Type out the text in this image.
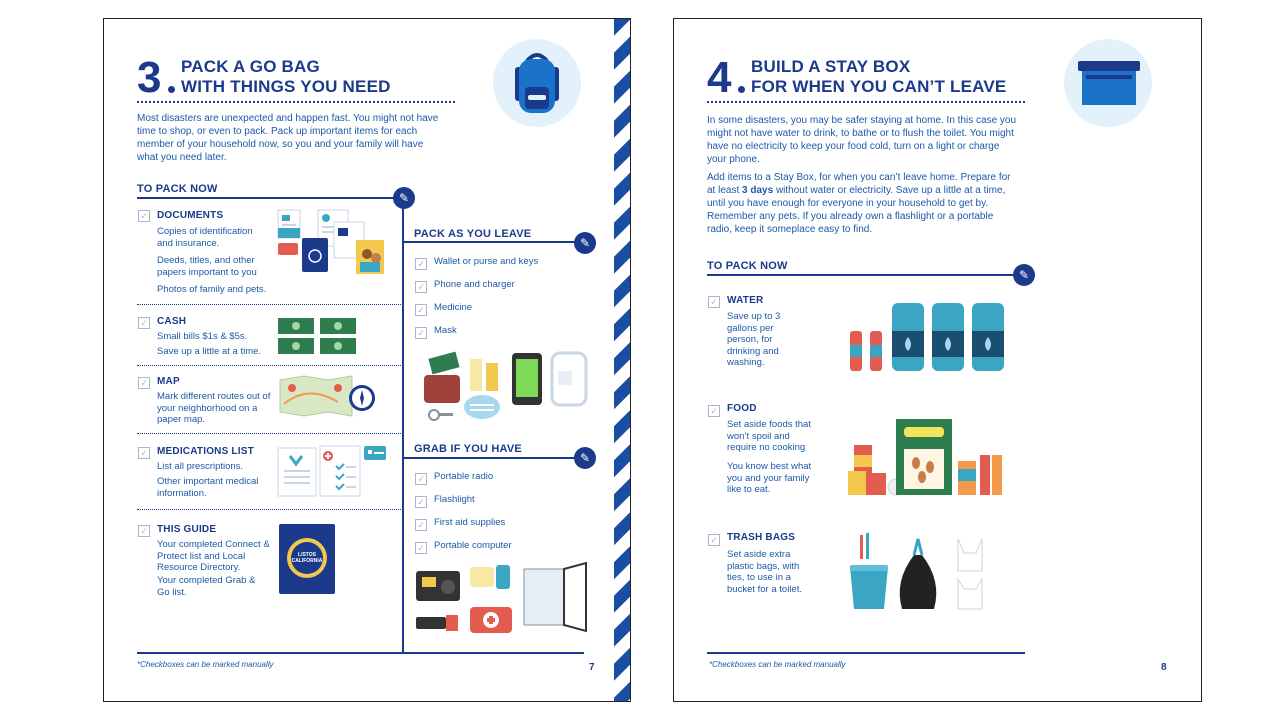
3 PACK A GO BAG
WITH THINGS YOU NEED
Most disasters are unexpected and happen fast. You might not have time to shop, or even to pack. Pack up important items for each member of your household now, so you and your family will have what you need later.
TO PACK NOW
✎
✓ DOCUMENTS
Copies of identification and insurance.
Deeds, titles, and other papers important to you
Photos of family and pets.
✓ CASH
Small bills $1s & $5s.
Save up a little at a time.
✓ MAP
Mark different routes out of your neighborhood on a paper map.
✓ MEDICATIONS LIST
List all prescriptions.
Other important medical information.
✓ THIS GUIDE
Your completed Connect & Protect list and Local Resource Directory.
Your completed Grab & Go list.
LISTOS CALIFORNIA
PACK AS YOU LEAVE
✎
✓ Wallet or purse and keys
✓ Phone and charger
✓ Medicine
✓ Mask
GRAB IF YOU HAVE
✎
✓ Portable radio
✓ Flashlight
✓ First aid supplies
✓ Portable computer
*Checkboxes can be marked manually	7
4 BUILD A STAY BOX
FOR WHEN YOU CAN’T LEAVE
In some disasters, you may be safer staying at home. In this case you might not have water to drink, to bathe or to flush the toilet. You might have no electricity to keep your food cold, turn on a light or charge your phone.
Add items to a Stay Box, for when you can’t leave home. Prepare for at least 3 days without water or electricity. Save up a little at a time, until you have enough for everyone in your household to get by. Remember any pets. If you already own a flashlight or a portable radio, keep it someplace easy to find.
TO PACK NOW
✎
✓ WATER
Save up to 3 gallons per person, for drinking and washing.
✓ FOOD
Set aside foods that won’t spoil and require no cooking
You know best what you and your family like to eat.
✓ TRASH BAGS
Set aside extra plastic bags, with ties, to use in a bucket for a toilet.
*Checkboxes can be marked manually	8
